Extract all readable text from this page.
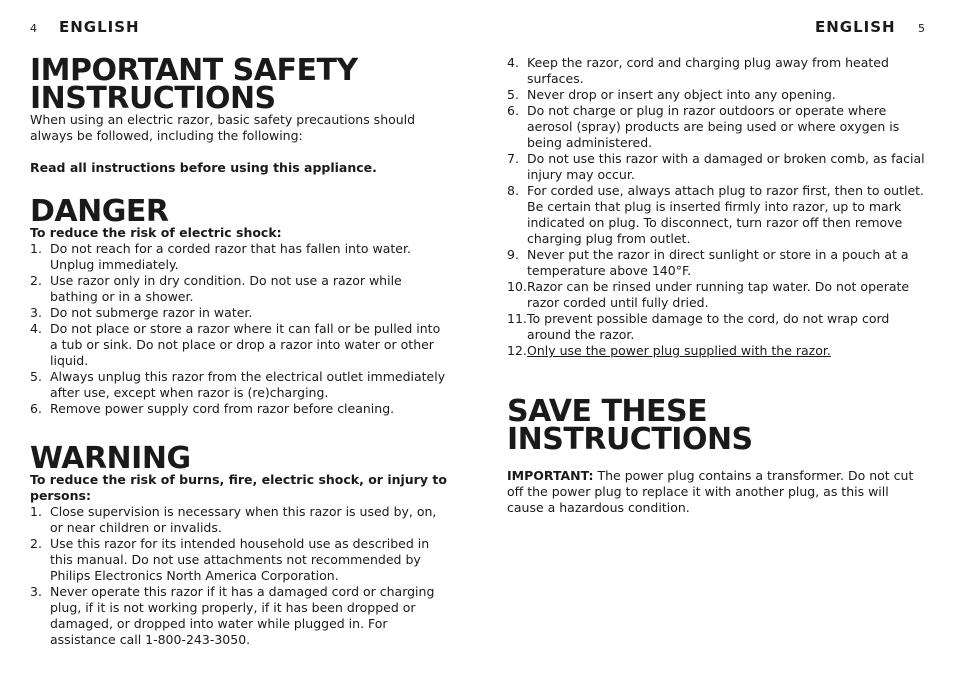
4 ENGLISH	ENGLISH 5
IMPORTANT SAFETY INSTRUCTIONS

When using an electric razor, basic safety precautions should always be followed, including the following:

Read all instructions before using this appliance.

DANGER

To reduce the risk of electric shock:

1. Do not reach for a corded razor that has fallen into water. Unplug immediately.
2. Use razor only in dry condition. Do not use a razor while bathing or in a shower.
3. Do not submerge razor in water.
4. Do not place or store a razor where it can fall or be pulled into a tub or sink. Do not place or drop a razor into water or other liquid.
5. Always unplug this razor from the electrical outlet immediately after use, except when razor is (re)charging.
6. Remove power supply cord from razor before cleaning.
WARNING

To reduce the risk of burns, fire, electric shock, or injury to persons:

1. Close supervision is necessary when this razor is used by, on, or near children or invalids.
2. Use this razor for its intended household use as described in this manual. Do not use attachments not recommended by Philips Electronics North America Corporation.
3. Never operate this razor if it has a damaged cord or charging plug, if it is not working properly, if it has been dropped or damaged, or dropped into water while plugged in. For assistance call 1-800-243-3050.
4. Keep the razor, cord and charging plug away from heated surfaces.
5. Never drop or insert any object into any opening.
6. Do not charge or plug in razor outdoors or operate where aerosol (spray) products are being used or where oxygen is being administered.
7. Do not use this razor with a damaged or broken comb, as facial injury may occur.
8. For corded use, always attach plug to razor first, then to outlet. Be certain that plug is inserted firmly into razor, up to mark indicated on plug. To disconnect, turn razor off then remove charging plug from outlet.
9. Never put the razor in direct sunlight or store in a pouch at a temperature above 140°F.
10. Razor can be rinsed under running tap water. Do not operate razor corded until fully dried.
11. To prevent possible damage to the cord, do not wrap cord around the razor.
12. Only use the power plug supplied with the razor.
SAVE THESE INSTRUCTIONS

IMPORTANT: The power plug contains a transformer. Do not cut off the power plug to replace it with another plug, as this will cause a hazardous condition.
